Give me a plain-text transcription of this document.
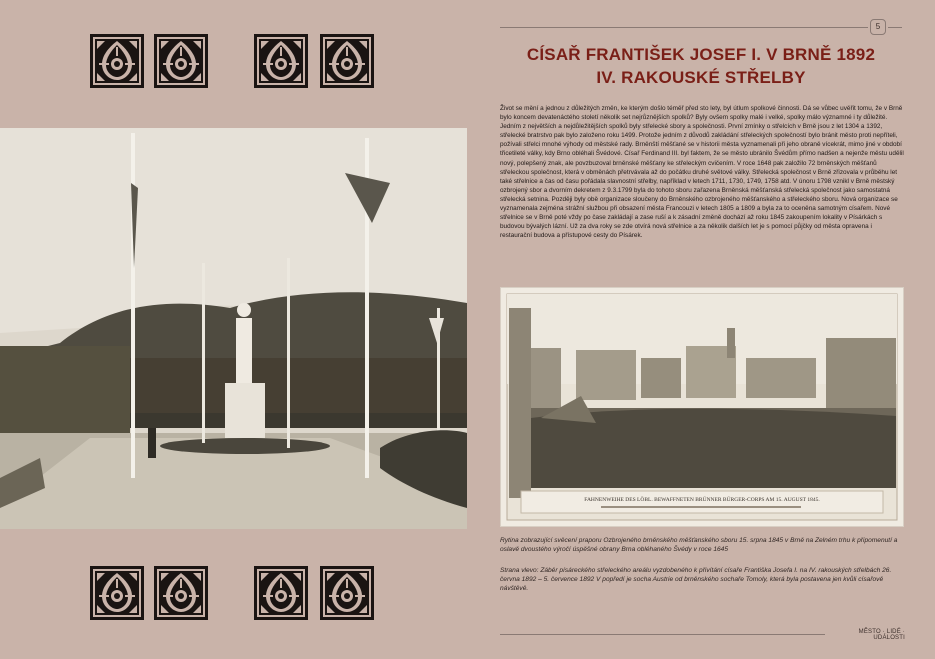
5
CÍSAŘ FRANTIŠEK JOSEF I. V BRNĚ 1892
IV. RAKOUSKÉ STŘELBY
Život se mění a jednou z důležitých změn, ke kterým došlo téměř před sto lety, byl útlum spolkové činnosti. Dá se vůbec uvěřit tomu, že v Brně bylo koncem devatenáctého století několik set nejrůznějších spolků? Byly ovšem spolky malé i velké, spolky málo významné i ty důležité. Jedním z největších a nejdůležitějších spolků byly střelecké sbory a společnosti. První zmínky o střelcích v Brně jsou z let 1304 a 1392, střelecké bratrstvo pak bylo založeno roku 1499. Protože jedním z důvodů zakládání střeleckých společností bylo bránit město proti nepříteli, požívali střelci mnohé výhody od městské rady. Brněnští měšťané se v historii města vyznamenali při jeho obraně vícekrát, mimo jiné v období třicetileté války, kdy Brno obléhali Švédové. Císař Ferdinand III. byl faktem, že se město ubránilo Švédům přímo nadšen a nejenže městu udělil nový, polepšený znak, ale povzbuzoval brněnské měšťany ke střeleckým cvičením. V roce 1648 pak založilo 72 brněnských měšťanů střeleckou společnost, která v obměnách přetrvávala až do počátku druhé světové války. Střelecká společnost v Brně zřizovala v průběhu let také střelnice a čas od času pořádala slavnostní střelby, například v letech 1711, 1730, 1749, 1758 atd. V únoru 1798 vznikl v Brně městský ozbrojený sbor a dvorním dekretem z 9.3.1799 byla do tohoto sboru zařazena Brněnská měšťanská střelecká společnost jako samostatná střelecká setnina. Později byly obě organizace sloučeny do Brněnského ozbrojeného měšťanského a střeleckého sboru. Nová organizace se vyznamenala zejména strážní službou při obsazení města Francouzi v letech 1805 a 1809 a byla za to oceněna samotným císařem. Nové střelnice se v Brně poté vždy po čase zakládají a zase ruší a k zásadní změně dochází až roku 1845 zakoupením lokality v Písárkách s budovou bývalých lázní. Už za dva roky se zde otvírá nová střelnice a za několik dalších let je s pomocí půjčky od města opravena i restaurační budova a přístupové cesty do Písárek.
FAHNENWEIHE DES LÖBL. BEWAFFNETEN BRÜNNER BÜRGER-CORPS AM 15. AUGUST 1845.
Rytina zobrazující svěcení praporu Ozbrojeného brněnského měšťanského sboru 15. srpna 1845 v Brně na Zelném trhu k připomenutí a oslavě dvoustého výročí úspěšné obrany Brna obléhaného Švédy v roce 1645
Strana vlevo: Záběr písáreckého střeleckého areálu vyzdobeného k přivítání císaře Františka Josefa I. na IV. rakouských střelbách 26. června 1892 – 5. července 1892 V popředí je socha Austrie od brněnského sochaře Tomoly, která byla postavena jen kvůli císařově návštěvě.
MĚSTO · LIDÉ · UDÁLOSTI
